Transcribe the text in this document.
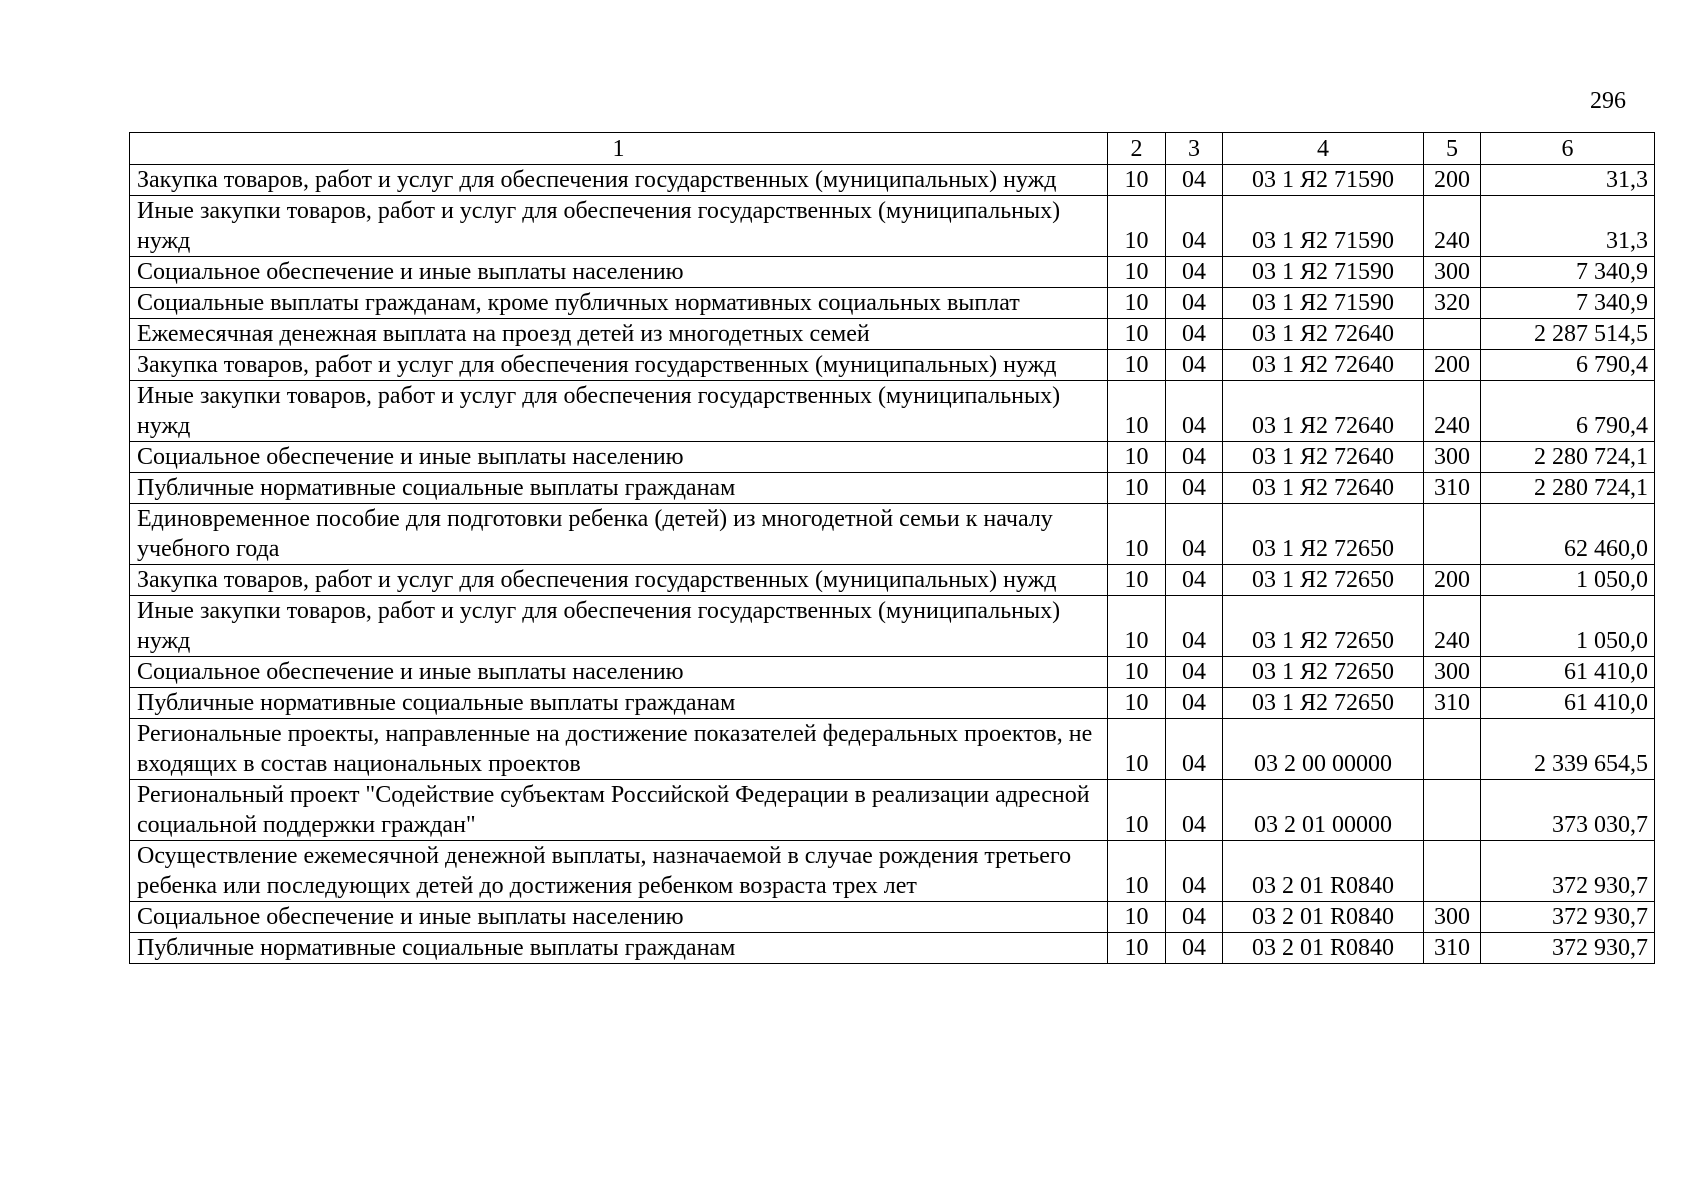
296
1	2	3	4	5	6
Закупка товаров, работ и услуг для обеспечения государственных (муниципальных) нужд	10	04	03 1 Я2 71590	200	31,3
Иные закупки товаров, работ и услуг для обеспечения государственных (муниципальных) нужд	10	04	03 1 Я2 71590	240	31,3
Социальное обеспечение и иные выплаты населению	10	04	03 1 Я2 71590	300	7 340,9
Социальные выплаты гражданам, кроме публичных нормативных социальных выплат	10	04	03 1 Я2 71590	320	7 340,9
Ежемесячная денежная выплата на проезд детей из многодетных семей	10	04	03 1 Я2 72640		2 287 514,5
Закупка товаров, работ и услуг для обеспечения государственных (муниципальных) нужд	10	04	03 1 Я2 72640	200	6 790,4
Иные закупки товаров, работ и услуг для обеспечения государственных (муниципальных) нужд	10	04	03 1 Я2 72640	240	6 790,4
Социальное обеспечение и иные выплаты населению	10	04	03 1 Я2 72640	300	2 280 724,1
Публичные нормативные социальные выплаты гражданам	10	04	03 1 Я2 72640	310	2 280 724,1
Единовременное пособие для подготовки ребенка (детей) из многодетной семьи к началу учебного года	10	04	03 1 Я2 72650		62 460,0
Закупка товаров, работ и услуг для обеспечения государственных (муниципальных) нужд	10	04	03 1 Я2 72650	200	1 050,0
Иные закупки товаров, работ и услуг для обеспечения государственных (муниципальных) нужд	10	04	03 1 Я2 72650	240	1 050,0
Социальное обеспечение и иные выплаты населению	10	04	03 1 Я2 72650	300	61 410,0
Публичные нормативные социальные выплаты гражданам	10	04	03 1 Я2 72650	310	61 410,0
Региональные проекты, направленные на достижение показателей федеральных проектов, не входящих в состав национальных проектов	10	04	03 2 00 00000		2 339 654,5
Региональный проект "Содействие субъектам Российской Федерации в реализации адресной социальной поддержки граждан"	10	04	03 2 01 00000		373 030,7
Осуществление ежемесячной денежной выплаты, назначаемой в случае рождения третьего ребенка или последующих детей до достижения ребенком возраста трех лет	10	04	03 2 01 R0840		372 930,7
Социальное обеспечение и иные выплаты населению	10	04	03 2 01 R0840	300	372 930,7
Публичные нормативные социальные выплаты гражданам	10	04	03 2 01 R0840	310	372 930,7
